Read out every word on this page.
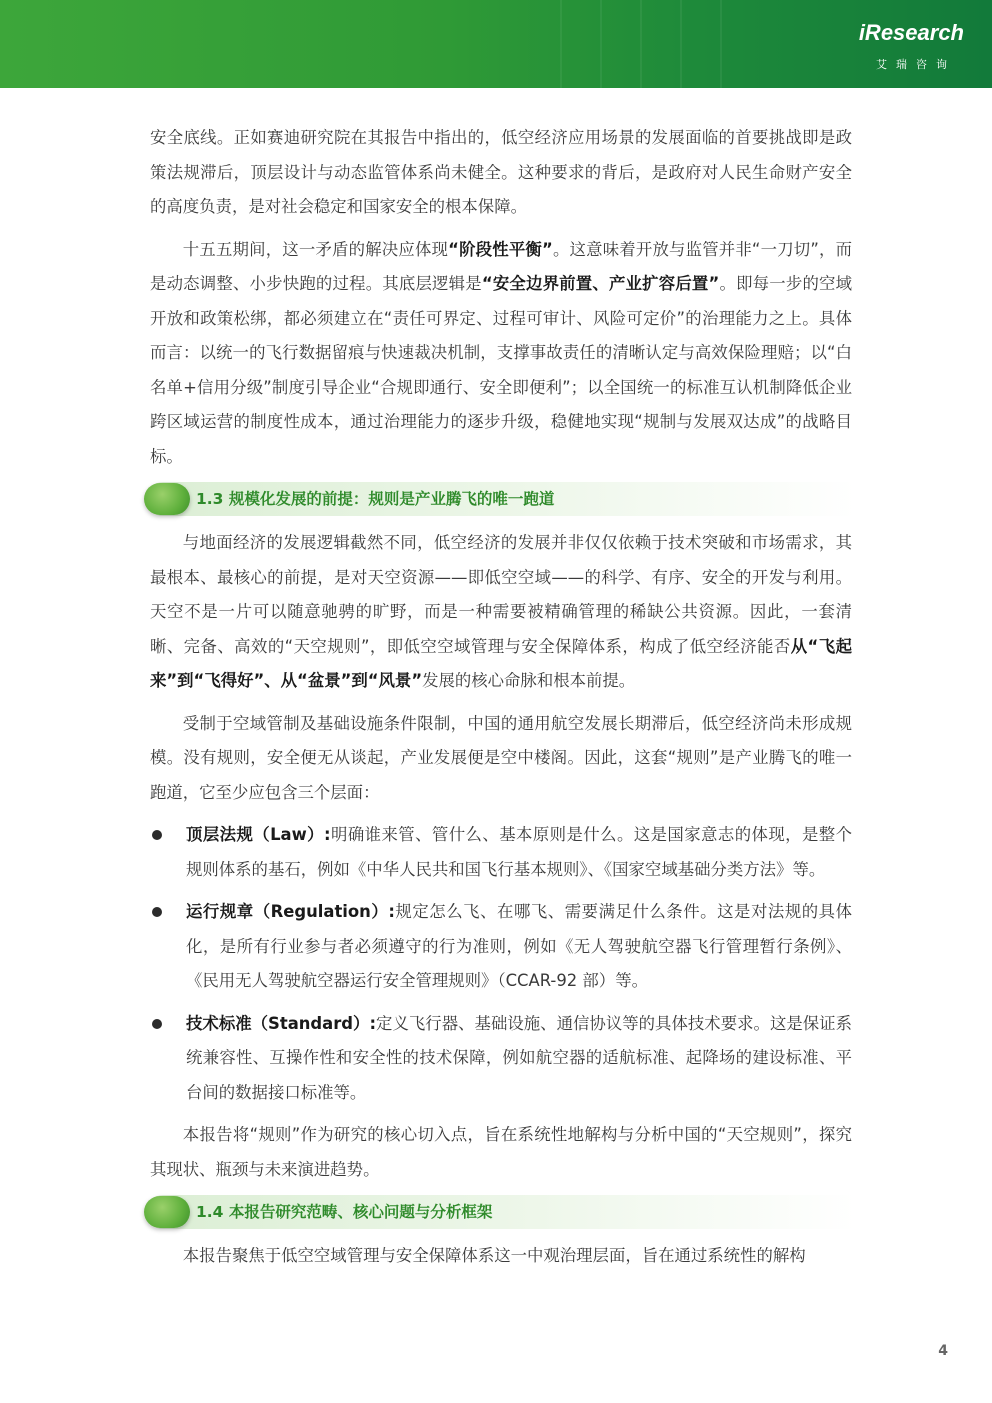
iResearch
艾瑞咨询

安全底线。正如赛迪研究院在其报告中指出的，低空经济应用场景的发展面临的首要挑战即是政策法规滞后，顶层设计与动态监管体系尚未健全。这种要求的背后，是政府对人民生命财产安全的高度负责，是对社会稳定和国家安全的根本保障。

十五五期间，这一矛盾的解决应体现“阶段性平衡”。这意味着开放与监管并非“一刀切”，而是动态调整、小步快跑的过程。其底层逻辑是“安全边界前置、产业扩容后置”。即每一步的空域开放和政策松绑，都必须建立在“责任可界定、过程可审计、风险可定价”的治理能力之上。具体而言：以统一的飞行数据留痕与快速裁决机制，支撑事故责任的清晰认定与高效保险理赔；以“白名单+信用分级”制度引导企业“合规即通行、安全即便利”；以全国统一的标准互认机制降低企业跨区域运营的制度性成本，通过治理能力的逐步升级，稳健地实现“规制与发展双达成”的战略目标。

1.3 规模化发展的前提：规则是产业腾飞的唯一跑道

与地面经济的发展逻辑截然不同，低空经济的发展并非仅仅依赖于技术突破和市场需求，其最根本、最核心的前提，是对天空资源——即低空空域——的科学、有序、安全的开发与利用。天空不是一片可以随意驰骋的旷野，而是一种需要被精确管理的稀缺公共资源。因此，一套清晰、完备、高效的“天空规则”，即低空空域管理与安全保障体系，构成了低空经济能否从“飞起来”到“飞得好”、从“盆景”到“风景”发展的核心命脉和根本前提。

受制于空域管制及基础设施条件限制，中国的通用航空发展长期滞后，低空经济尚未形成规模。没有规则，安全便无从谈起，产业发展便是空中楼阁。因此，这套“规则”是产业腾飞的唯一跑道，它至少应包含三个层面：

顶层法规（Law）:明确谁来管、管什么、基本原则是什么。这是国家意志的体现，是整个规则体系的基石，例如《中华人民共和国飞行基本规则》、《国家空域基础分类方法》等。

运行规章（Regulation）:规定怎么飞、在哪飞、需要满足什么条件。这是对法规的具体化，是所有行业参与者必须遵守的行为准则，例如《无人驾驶航空器飞行管理暂行条例》、《民用无人驾驶航空器运行安全管理规则》（CCAR-92 部）等。

技术标准（Standard）:定义飞行器、基础设施、通信协议等的具体技术要求。这是保证系统兼容性、互操作性和安全性的技术保障，例如航空器的适航标准、起降场的建设标准、平台间的数据接口标准等。

本报告将“规则”作为研究的核心切入点，旨在系统性地解构与分析中国的“天空规则”，探究其现状、瓶颈与未来演进趋势。

1.4 本报告研究范畴、核心问题与分析框架

本报告聚焦于低空空域管理与安全保障体系这一中观治理层面，旨在通过系统性的解构

4
